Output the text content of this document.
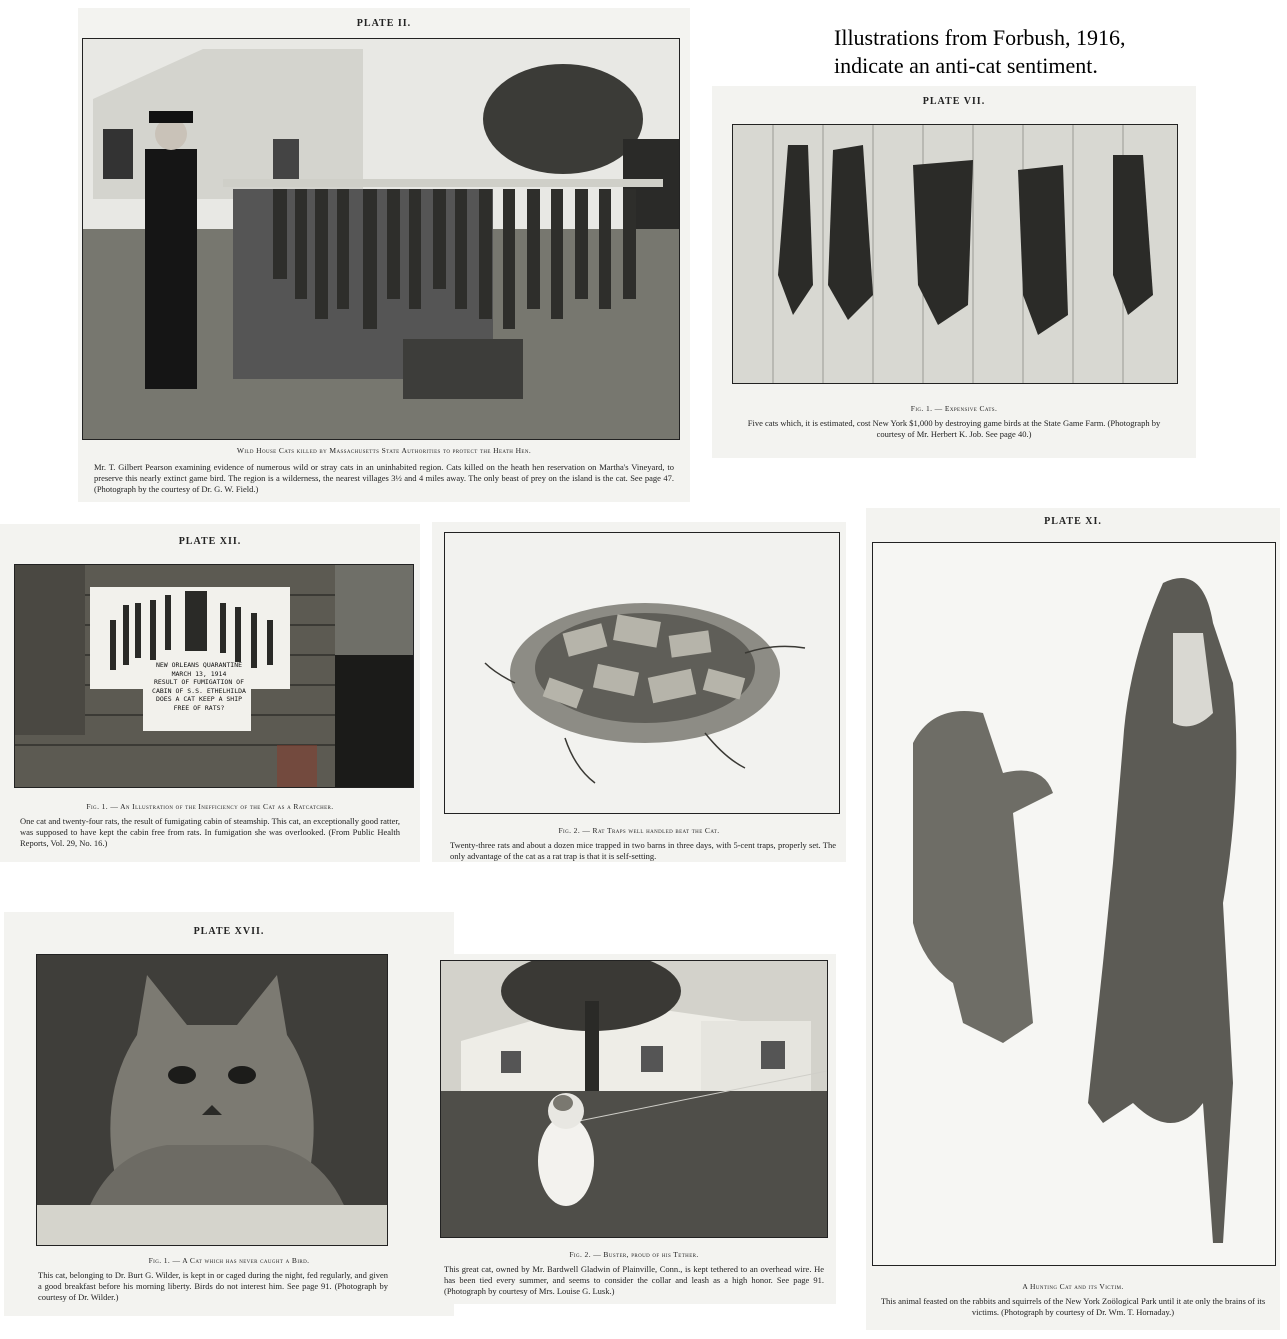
Illustrations from Forbush, 1916,
indicate an anti-cat sentiment.
PLATE II.
Wild House Cats killed by Massachusetts State Authorities to protect the Heath Hen.
Mr. T. Gilbert Pearson examining evidence of numerous wild or stray cats in an uninhabited region. Cats killed on the heath hen reservation on Martha's Vineyard, to preserve this nearly extinct game bird. The region is a wilderness, the nearest villages 3½ and 4 miles away. The only beast of prey on the island is the cat. See page 47. (Photograph by the courtesy of Dr. G. W. Field.)
PLATE VII.
Fig. 1. — Expensive Cats.
Five cats which, it is estimated, cost New York $1,000 by destroying game birds at the State Game Farm. (Photograph by courtesy of Mr. Herbert K. Job. See page 40.)
PLATE XII.
NEW ORLEANS QUARANTINE
MARCH 13, 1914
RESULT OF FUMIGATION OF
CABIN OF S.S. ETHELHILDA
DOES A CAT KEEP A SHIP
FREE OF RATS?
Fig. 1. — An Illustration of the Inefficiency of the Cat as a Ratcatcher.
One cat and twenty-four rats, the result of fumigating cabin of steamship. This cat, an exceptionally good ratter, was supposed to have kept the cabin free from rats. In fumigation she was overlooked. (From Public Health Reports, Vol. 29, No. 16.)
Fig. 2. — Rat Traps well handled beat the Cat.
Twenty-three rats and about a dozen mice trapped in two barns in three days, with 5-cent traps, properly set. The only advantage of the cat as a rat trap is that it is self-setting.
PLATE XI.
A Hunting Cat and its Victim.
This animal feasted on the rabbits and squirrels of the New York Zoölogical Park until it ate only the brains of its victims. (Photograph by courtesy of Dr. Wm. T. Hornaday.)
PLATE XVII.
Fig. 1. — A Cat which has never caught a Bird.
This cat, belonging to Dr. Burt G. Wilder, is kept in or caged during the night, fed regularly, and given a good breakfast before his morning liberty. Birds do not interest him. See page 91. (Photograph by courtesy of Dr. Wilder.)
Fig. 2. — Buster, proud of his Tether.
This great cat, owned by Mr. Bardwell Gladwin of Plainville, Conn., is kept tethered to an overhead wire. He has been tied every summer, and seems to consider the collar and leash as a high honor. See page 91. (Photograph by courtesy of Mrs. Louise G. Lusk.)
